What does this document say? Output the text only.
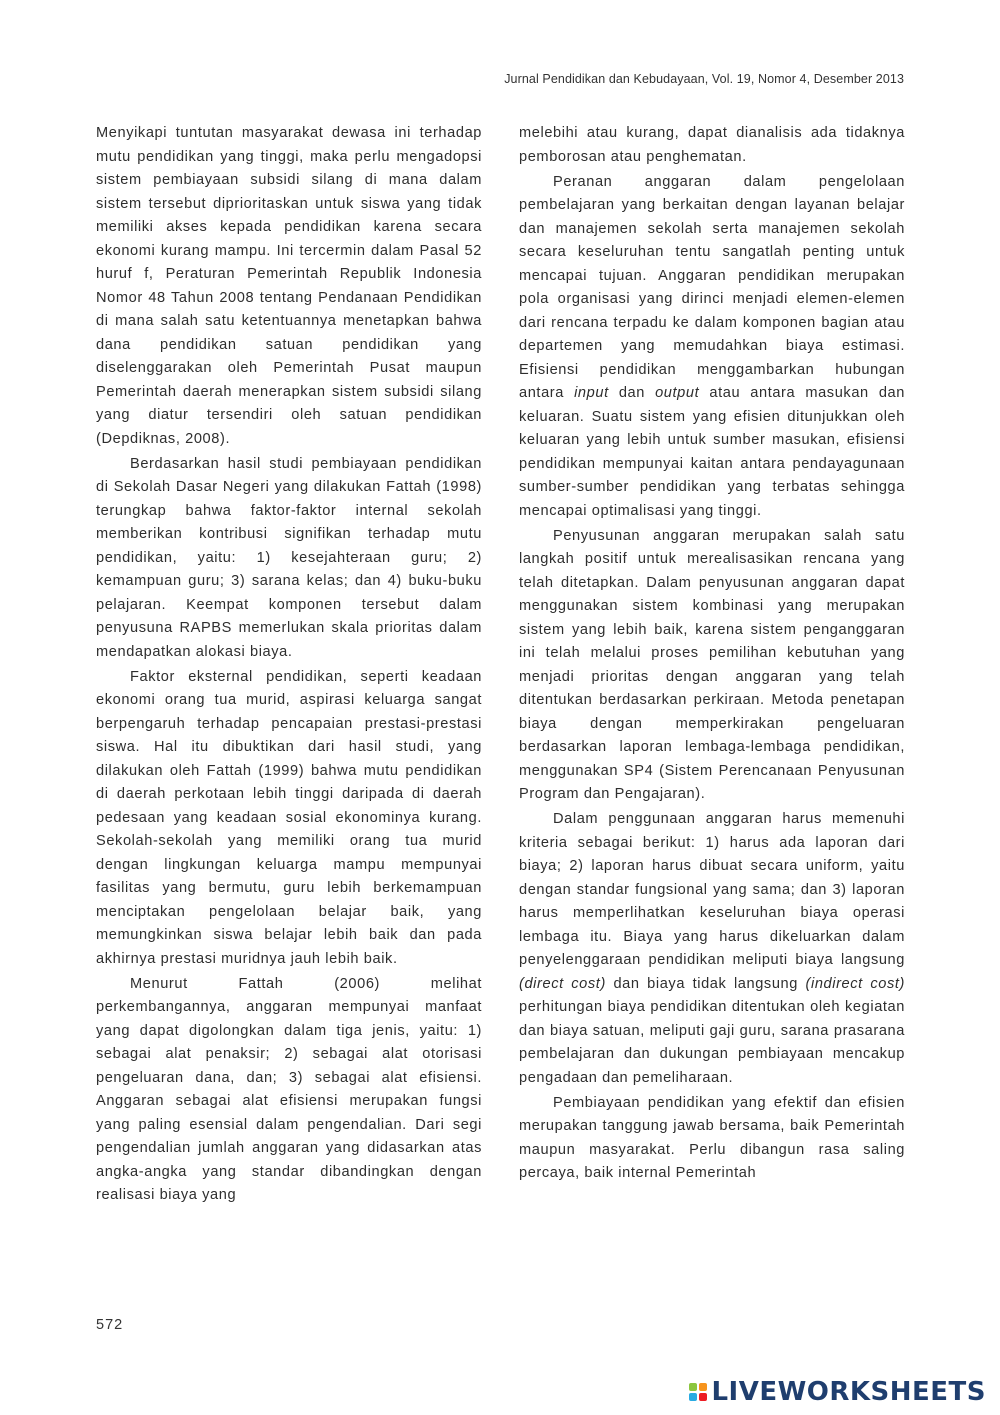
Jurnal Pendidikan dan Kebudayaan, Vol. 19, Nomor 4, Desember 2013

Menyikapi tuntutan masyarakat dewasa ini terhadap mutu pendidikan yang tinggi, maka perlu mengadopsi sistem pembiayaan subsidi silang di mana dalam sistem tersebut diprioritaskan untuk siswa yang tidak memiliki akses kepada pendidikan karena secara ekonomi kurang mampu. Ini tercermin dalam Pasal 52 huruf f, Peraturan Pemerintah Republik Indonesia Nomor 48 Tahun 2008 tentang Pendanaan Pendidikan di mana salah satu ketentuannya menetapkan bahwa dana pendidikan satuan pendidikan yang diselenggarakan oleh Pemerintah Pusat maupun Pemerintah daerah menerapkan sistem subsidi silang yang diatur tersendiri oleh satuan pendidikan (Depdiknas, 2008).

Berdasarkan hasil studi pembiayaan pendidikan di Sekolah Dasar Negeri yang dilakukan Fattah (1998) terungkap bahwa faktor-faktor internal sekolah memberikan kontribusi signifikan terhadap mutu pendidikan, yaitu: 1) kesejahteraan guru; 2) kemampuan guru; 3) sarana kelas; dan 4) buku-buku pelajaran. Keempat komponen tersebut dalam penyusuna RAPBS memerlukan skala prioritas dalam mendapatkan alokasi biaya.

Faktor eksternal pendidikan, seperti keadaan ekonomi orang tua murid, aspirasi keluarga sangat berpengaruh terhadap pencapaian prestasi-prestasi siswa. Hal itu dibuktikan dari hasil studi, yang dilakukan oleh Fattah (1999) bahwa mutu pendidikan di daerah perkotaan lebih tinggi daripada di daerah pedesaan yang keadaan sosial ekonominya kurang. Sekolah-sekolah yang memiliki orang tua murid dengan lingkungan keluarga mampu mempunyai fasilitas yang bermutu, guru lebih berkemampuan menciptakan pengelolaan belajar baik, yang memungkinkan siswa belajar lebih baik dan pada akhirnya prestasi muridnya jauh lebih baik.

Menurut Fattah (2006) melihat perkembangannya, anggaran mempunyai manfaat yang dapat digolongkan dalam tiga jenis, yaitu: 1) sebagai alat penaksir; 2) sebagai alat otorisasi pengeluaran dana, dan; 3) sebagai alat efisiensi. Anggaran sebagai alat efisiensi merupakan fungsi yang paling esensial dalam pengendalian. Dari segi pengendalian jumlah anggaran yang didasarkan atas angka-angka yang standar dibandingkan dengan realisasi biaya yang

melebihi atau kurang, dapat dianalisis ada tidaknya pemborosan atau penghematan.

Peranan anggaran dalam pengelolaan pembelajaran yang berkaitan dengan layanan belajar dan manajemen sekolah serta manajemen sekolah secara keseluruhan tentu sangatlah penting untuk mencapai tujuan. Anggaran pendidikan merupakan pola organisasi yang dirinci menjadi elemen-elemen dari rencana terpadu ke dalam komponen bagian atau departemen yang memudahkan biaya estimasi. Efisiensi pendidikan menggambarkan hubungan antara input dan output atau antara masukan dan keluaran. Suatu sistem yang efisien ditunjukkan oleh keluaran yang lebih untuk sumber masukan, efisiensi pendidikan mempunyai kaitan antara pendayagunaan sumber-sumber pendidikan yang terbatas sehingga mencapai optimalisasi yang tinggi.

Penyusunan anggaran merupakan salah satu langkah positif untuk merealisasikan rencana yang telah ditetapkan. Dalam penyusunan anggaran dapat menggunakan sistem kombinasi yang merupakan sistem yang lebih baik, karena sistem penganggaran ini telah melalui proses pemilihan kebutuhan yang menjadi prioritas dengan anggaran yang telah ditentukan berdasarkan perkiraan. Metoda penetapan biaya dengan memperkirakan pengeluaran berdasarkan laporan lembaga-lembaga pendidikan, menggunakan SP4 (Sistem Perencanaan Penyusunan Program dan Pengajaran).

Dalam penggunaan anggaran harus memenuhi kriteria sebagai berikut: 1) harus ada laporan dari biaya; 2) laporan harus dibuat secara uniform, yaitu dengan standar fungsional yang sama; dan 3) laporan harus memperlihatkan keseluruhan biaya operasi lembaga itu. Biaya yang harus dikeluarkan dalam penyelenggaraan pendidikan meliputi biaya langsung (direct cost) dan biaya tidak langsung (indirect cost) perhitungan biaya pendidikan ditentukan oleh kegiatan dan biaya satuan, meliputi gaji guru, sarana prasarana pembelajaran dan dukungan pembiayaan mencakup pengadaan dan pemeliharaan.

Pembiayaan pendidikan yang efektif dan efisien merupakan tanggung jawab bersama, baik Pemerintah maupun masyarakat. Perlu dibangun rasa saling percaya, baik internal Pemerintah

572
LIVEWORKSHEETS
